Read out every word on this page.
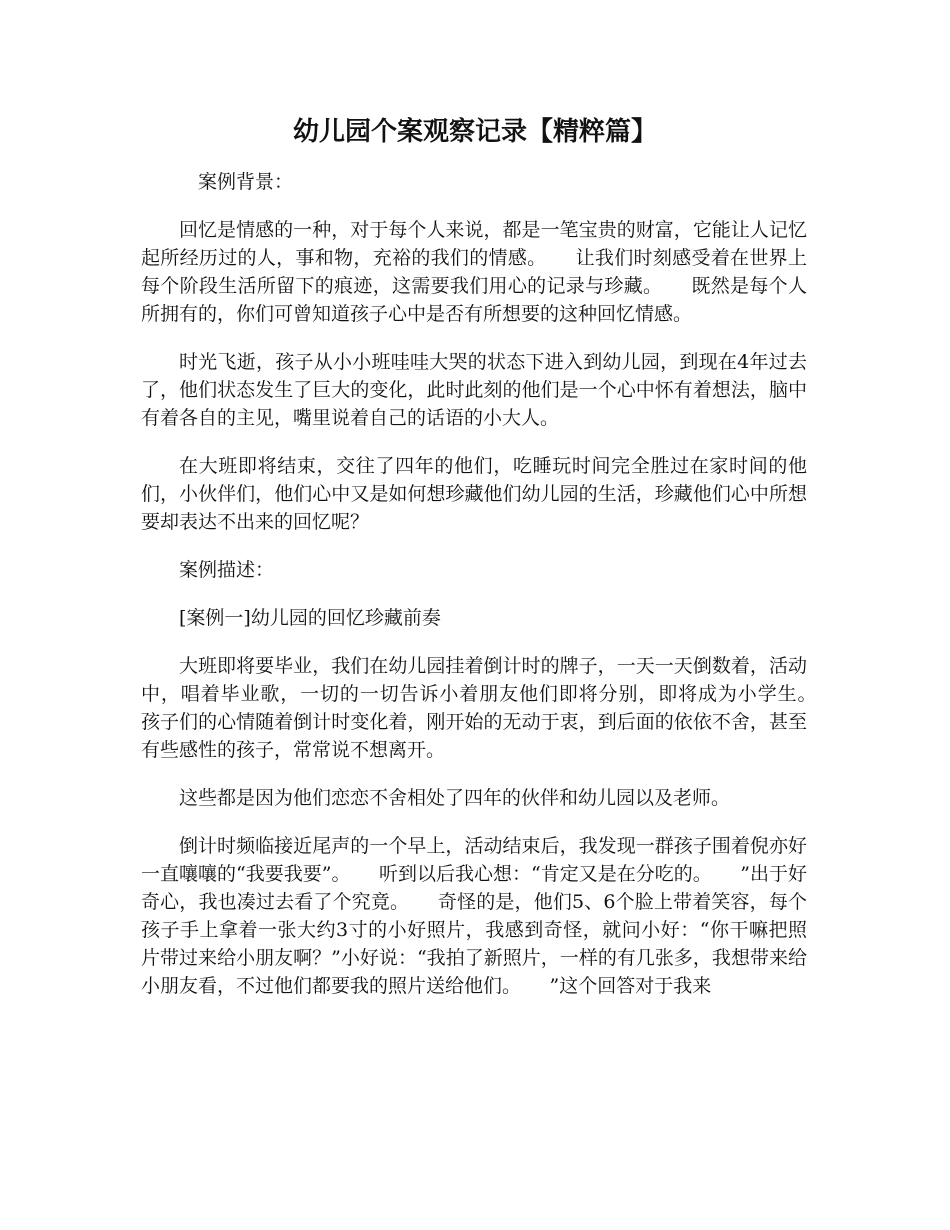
幼儿园个案观察记录【精粹篇】

案例背景：

回忆是情感的一种，对于每个人来说，都是一笔宝贵的财富，它能让人记忆起所经历过的人，事和物，充裕的我们的情感。　　让我们时刻感受着在世界上每个阶段生活所留下的痕迹，这需要我们用心的记录与珍藏。　　既然是每个人所拥有的，你们可曾知道孩子心中是否有所想要的这种回忆情感。

时光飞逝，孩子从小小班哇哇大哭的状态下进入到幼儿园，到现在4年过去了，他们状态发生了巨大的变化，此时此刻的他们是一个心中怀有着想法，脑中有着各自的主见，嘴里说着自己的话语的小大人。

在大班即将结束，交往了四年的他们，吃睡玩时间完全胜过在家时间的他们，小伙伴们，他们心中又是如何想珍藏他们幼儿园的生活，珍藏他们心中所想要却表达不出来的回忆呢？

案例描述：

[案例一]幼儿园的回忆珍藏前奏

大班即将要毕业，我们在幼儿园挂着倒计时的牌子，一天一天倒数着，活动中，唱着毕业歌，一切的一切告诉小着朋友他们即将分别，即将成为小学生。　　孩子们的心情随着倒计时变化着，刚开始的无动于衷，到后面的依依不舍，甚至有些感性的孩子，常常说不想离开。

这些都是因为他们恋恋不舍相处了四年的伙伴和幼儿园以及老师。

倒计时频临接近尾声的一个早上，活动结束后，我发现一群孩子围着倪亦好一直嚷嚷的“我要我要”。　　听到以后我心想：“肯定又是在分吃的。　　”出于好奇心，我也凑过去看了个究竟。　　奇怪的是，他们5、6个脸上带着笑容，每个孩子手上拿着一张大约3寸的小好照片，我感到奇怪，就问小好：“你干嘛把照片带过来给小朋友啊？”小好说：“我拍了新照片，一样的有几张多，我想带来给小朋友看，不过他们都要我的照片送给他们。　　”这个回答对于我来
